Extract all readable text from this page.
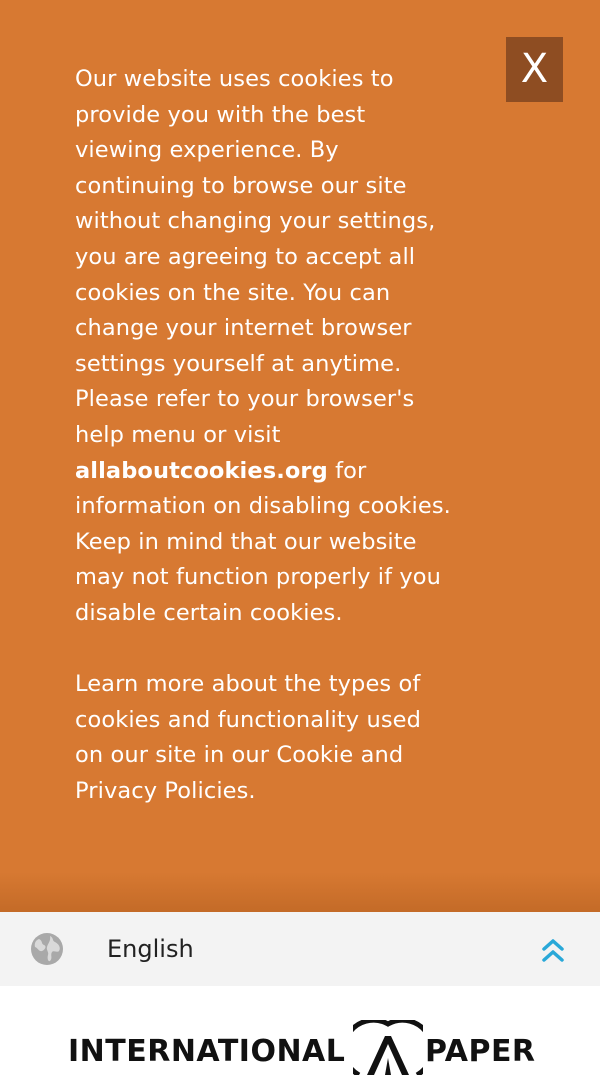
X

Our website uses cookies to provide you with the best viewing experience. By continuing to browse our site without changing your settings, you are agreeing to accept all cookies on the site. You can change your internet browser settings yourself at anytime. Please refer to your browser's help menu or visit allaboutcookies.org for information on disabling cookies. Keep in mind that our website may not function properly if you disable certain cookies.

Learn more about the types of cookies and functionality used on our site in our Cookie and Privacy Policies.

English
INTERNATIONAL	PAPER
